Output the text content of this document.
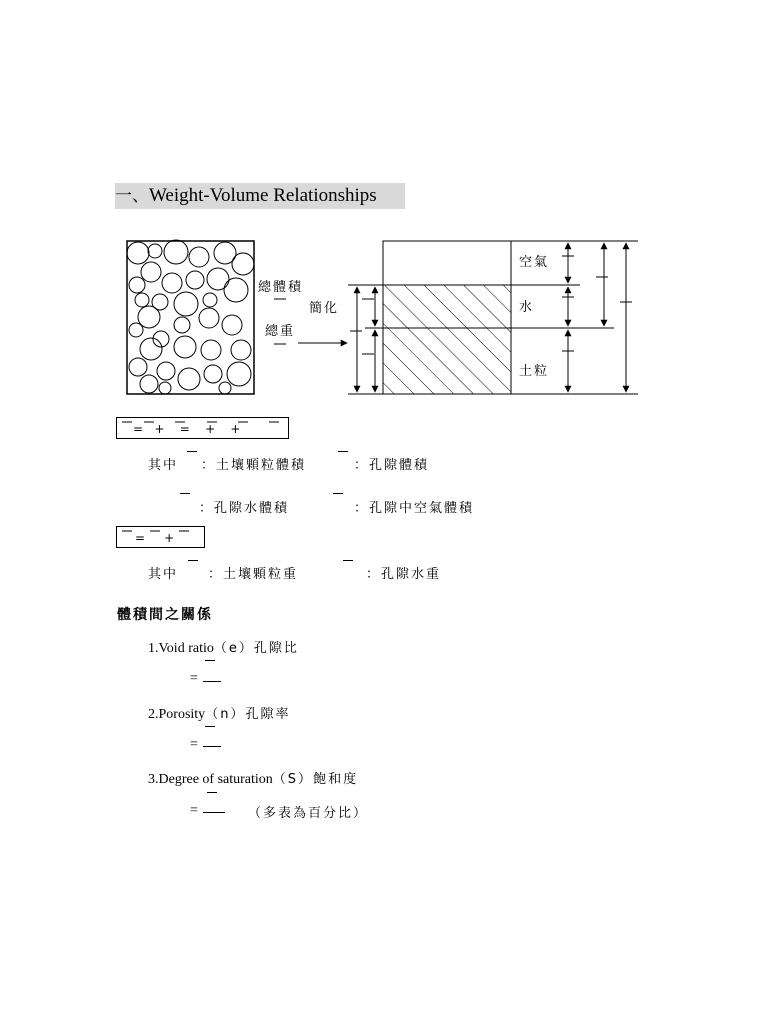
一、Weight-Volume Relationships
總體積
總重
簡化
空氣
水
土粒
=   +    =    +    +
其中 ：土壤顆粒體積	：孔隙體積
：孔隙水體積	：孔隙中空氣體積
=     +
其中 ：土壤顆粒重	：孔隙水重
體積間之關係
1.Void ratio（e）孔隙比
=
2.Porosity（n）孔隙率
=
3.Degree of saturation（S）飽和度
=	（多表為百分比）
